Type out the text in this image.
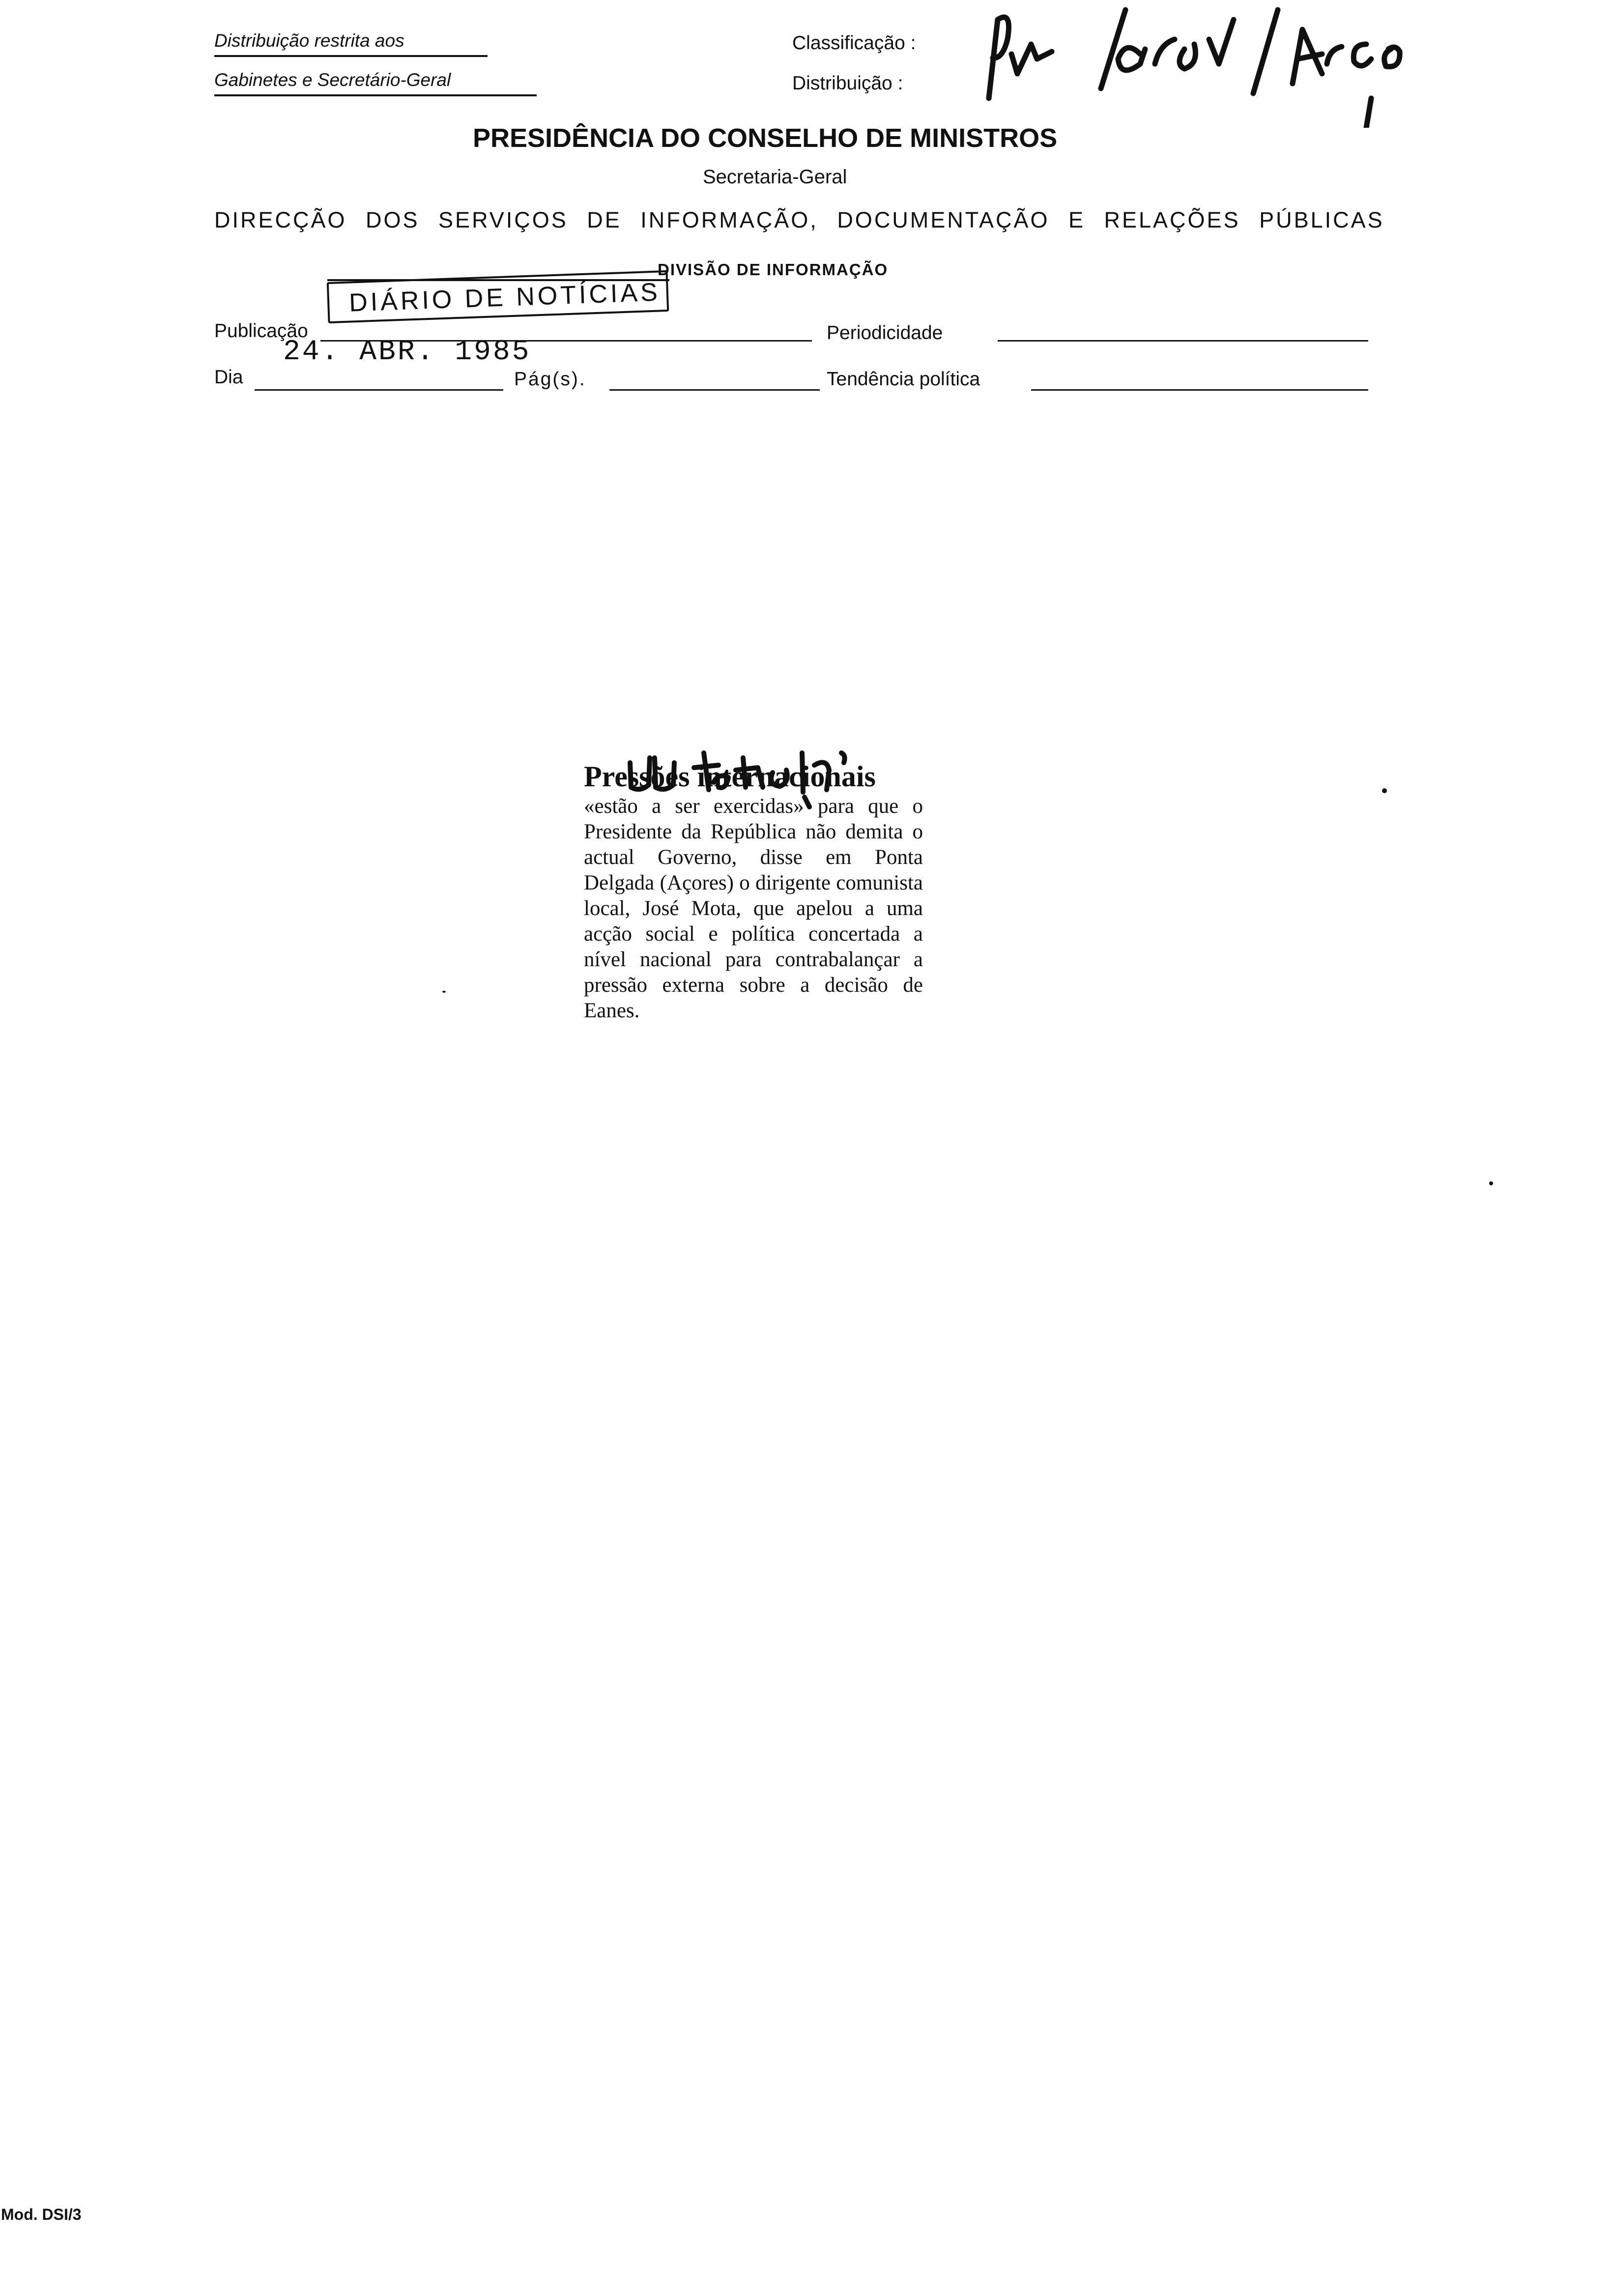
Distribuição restrita aos
Gabinetes e Secretário-Geral
Classificação :
Distribuição :
PRESIDÊNCIA DO CONSELHO DE MINISTROS
Secretaria-Geral
DIRECÇÃO DOS SERVIÇOS DE INFORMAÇÃO, DOCUMENTAÇÃO E RELAÇÕES PÚBLICAS
DIVISÃO DE INFORMAÇÃO
DIÁRIO DE NOTÍCIAS
Publicação	Periodicidade
24. ABR. 1985
Dia	Pág(s).	Tendência política
Pressões internacionais
«estão a ser exercidas» para que o Presidente da República não demita o actual Governo, disse em Ponta Delgada (Açores) o dirigente comunista local, José Mota, que apelou a uma acção social e política concertada a nível nacional para contrabalançar a pressão externa sobre a decisão de Eanes.
Mod. DSI/3
